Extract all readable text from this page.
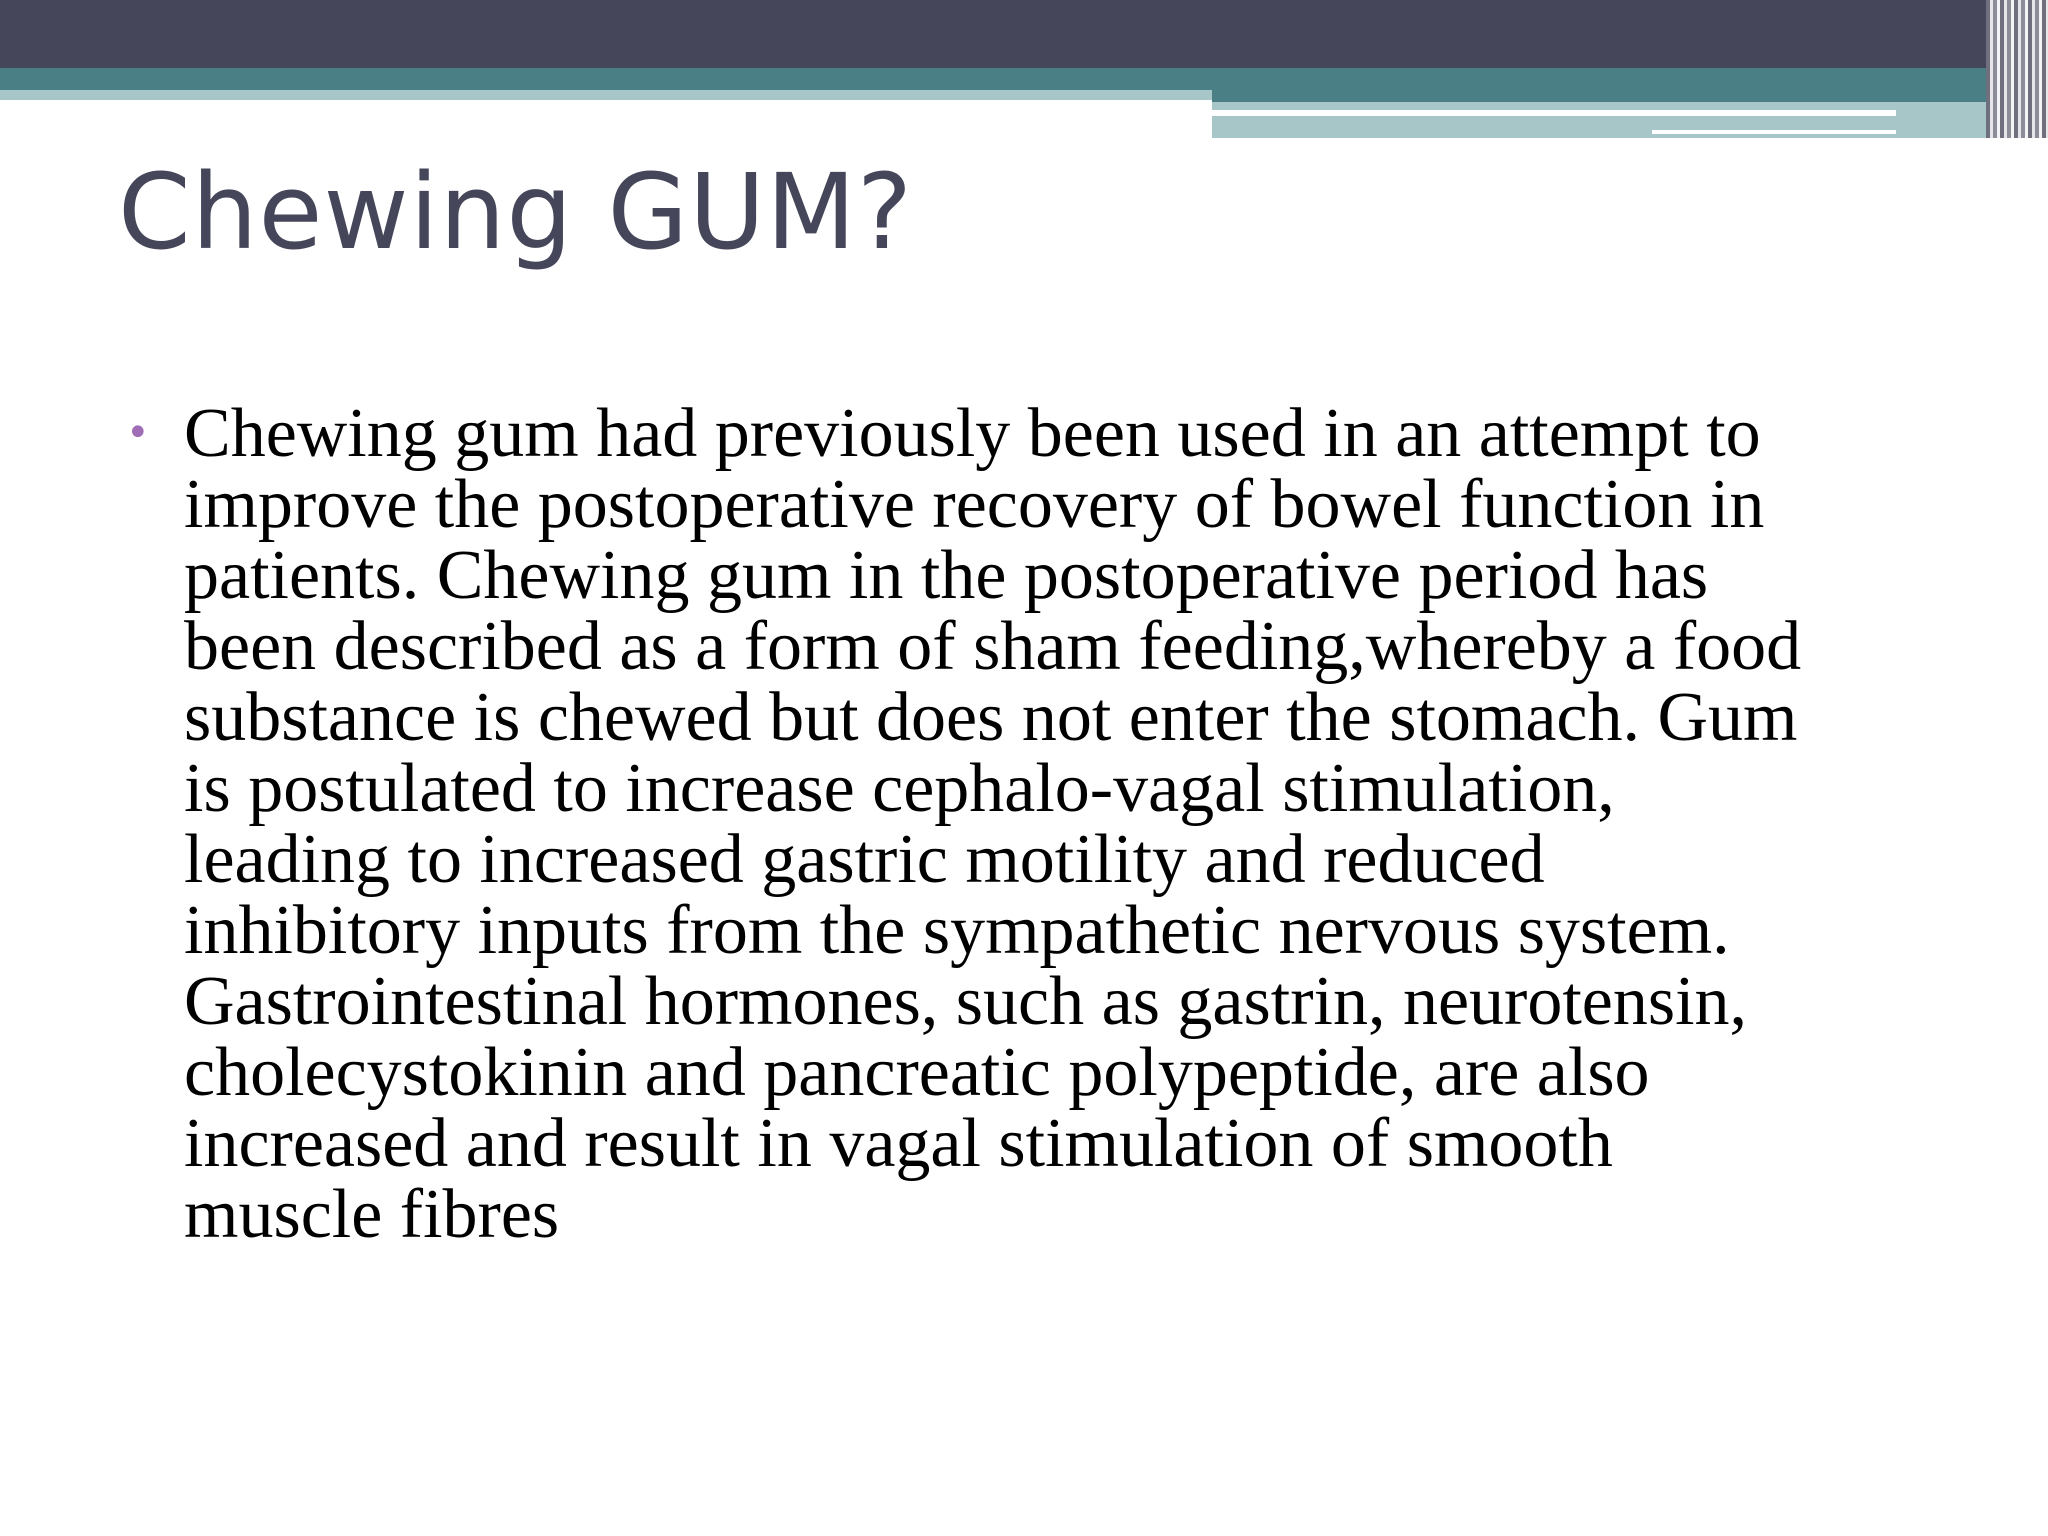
Chewing GUM?
• Chewing gum had previously been used in an attempt to
improve the postoperative recovery of bowel function in
patients. Chewing gum in the postoperative period has
been described as a form of sham feeding,whereby a food
substance is chewed but does not enter the stomach. Gum
is postulated to increase cephalo-vagal stimulation,
leading to increased gastric motility and reduced
inhibitory inputs from the sympathetic nervous system.
Gastrointestinal hormones, such as gastrin, neurotensin,
cholecystokinin and pancreatic polypeptide, are also
increased and result in vagal stimulation of smooth
muscle fibres
